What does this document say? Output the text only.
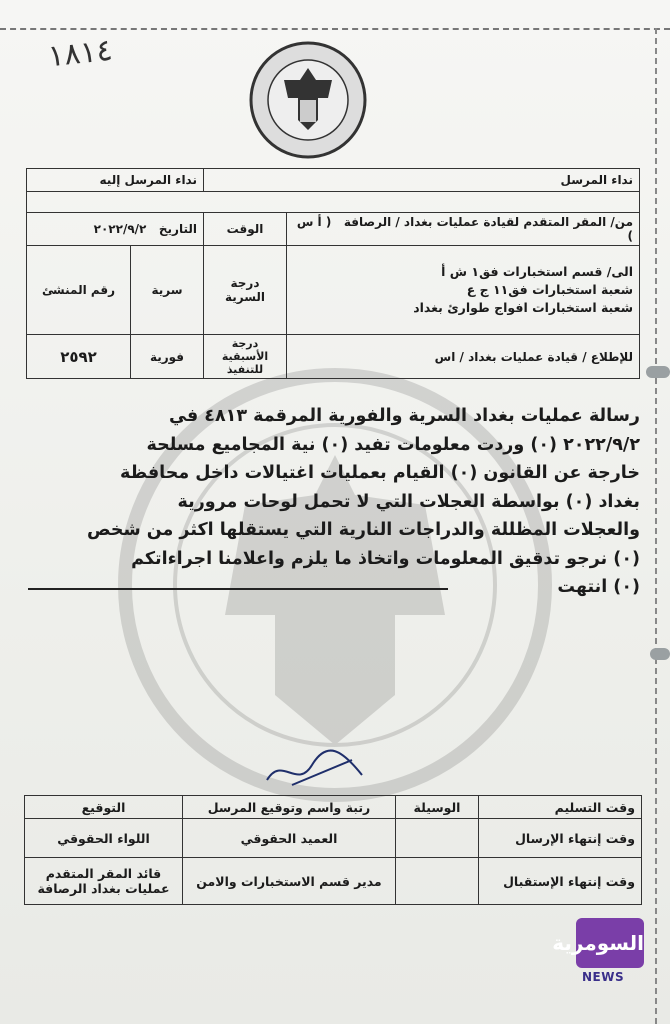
١٨١٤
نداء المرسل		نداء المرسل إليه	

من/ المقر المتقدم لقيادة عمليات بغداد / الرصافة   ( أ س )	الوقت	التاريخ   ٢٠٢٢/٩/٢	

الى/ قسم استخبارات فق١ ش أ
شعبة استخبارات فق١١ ج ع
شعبة استخبارات افواج طوارئ بغداد	درجة السرية	سرية	رقم المنشئ
للإطلاع / قيادة عمليات بغداد / اس	درجة الأسبقية للتنفيذ	فورية	٢٥٩٢

رسالة عمليات بغداد السرية والفورية المرقمة ٤٨١٣ في

٢٠٢٢/٩/٢ (٠) وردت معلومات تفيد (٠) نية المجاميع مسلحة

خارجة عن القانون (٠) القيام بعمليات اغتيالات داخل محافظة

بغداد (٠) بواسطة العجلات التي لا تحمل لوحات مرورية

والعجلات المظللة والدراجات النارية التي يستقلها اكثر من شخص

(٠) نرجو تدقيق المعلومات واتخاذ ما يلزم واعلامنا اجراءاتكم

(٠) انتهت

وقت التسليم	الوسيلة	رتبة واسم وتوقيع المرسل	التوقيع
وقت إنتهاء الإرسال		العميد الحقوقي	اللواء الحقوقي
وقت إنتهاء الإستقبال		مدير قسم الاستخبارات والامن	قائد المقر المتقدم عمليات بغداد الرصافة
السومرية
NEWS
